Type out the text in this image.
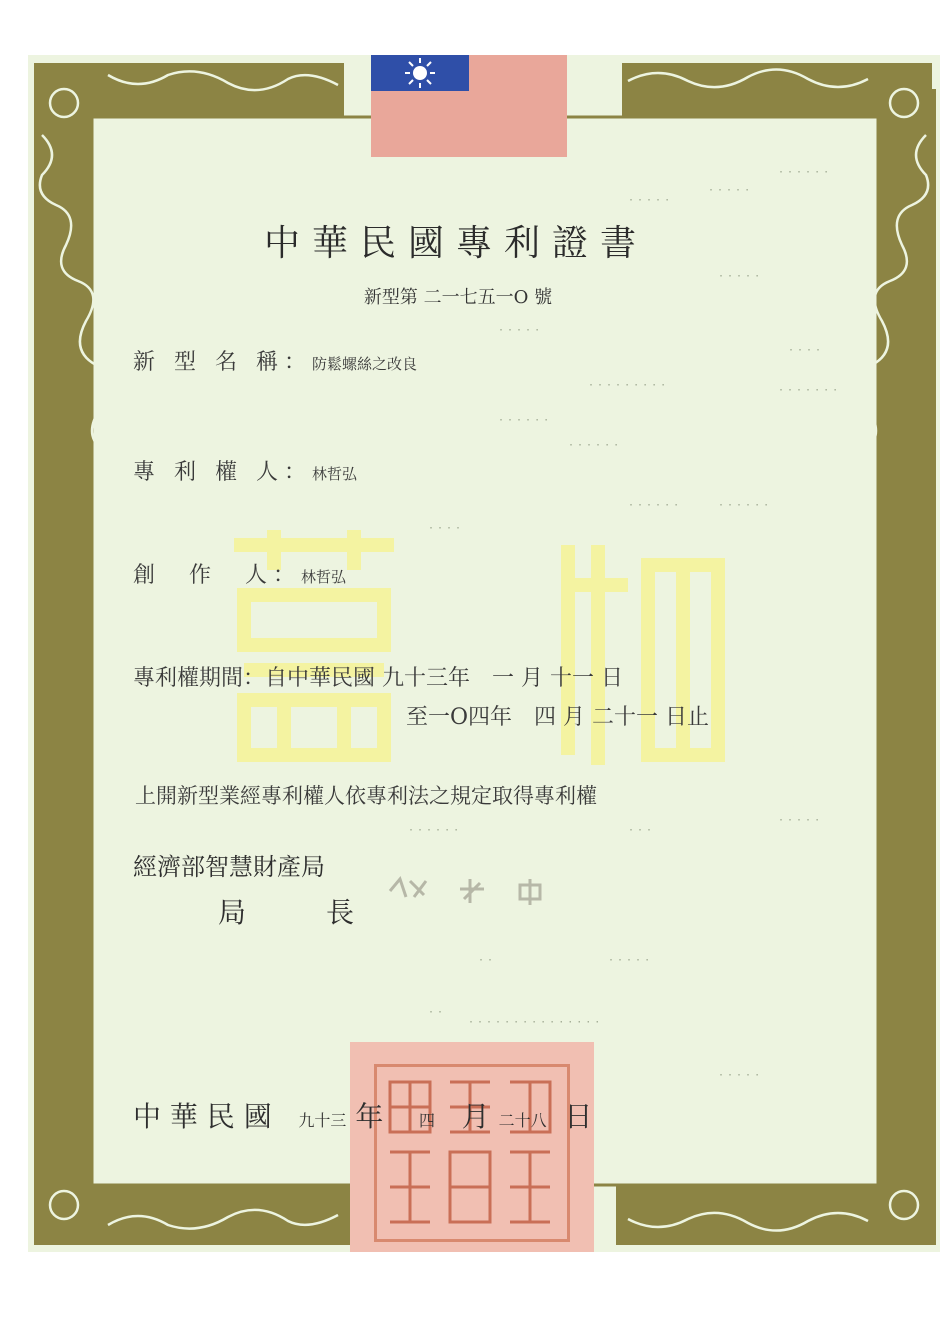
·····
·····
······
·····
·····
····
·········	·······
······
······
······	······
····
·····
······	···
··	·····
··
···············
·····
中華民國專利證書
新型第 二一七五一O 號
新 型 名 稱：防鬆螺絲之改良
專 利 權 人：林哲弘
創　作　人：林哲弘
專利權期間：自中華民國 九十三年　一 月 十一 日
至一O四年　四 月 二十一 日止
上開新型業經專利權人依專利法之規定取得專利權
經濟部智慧財產局
局	長
中 華 民 國 九十三 年 四 月 二十八 日
